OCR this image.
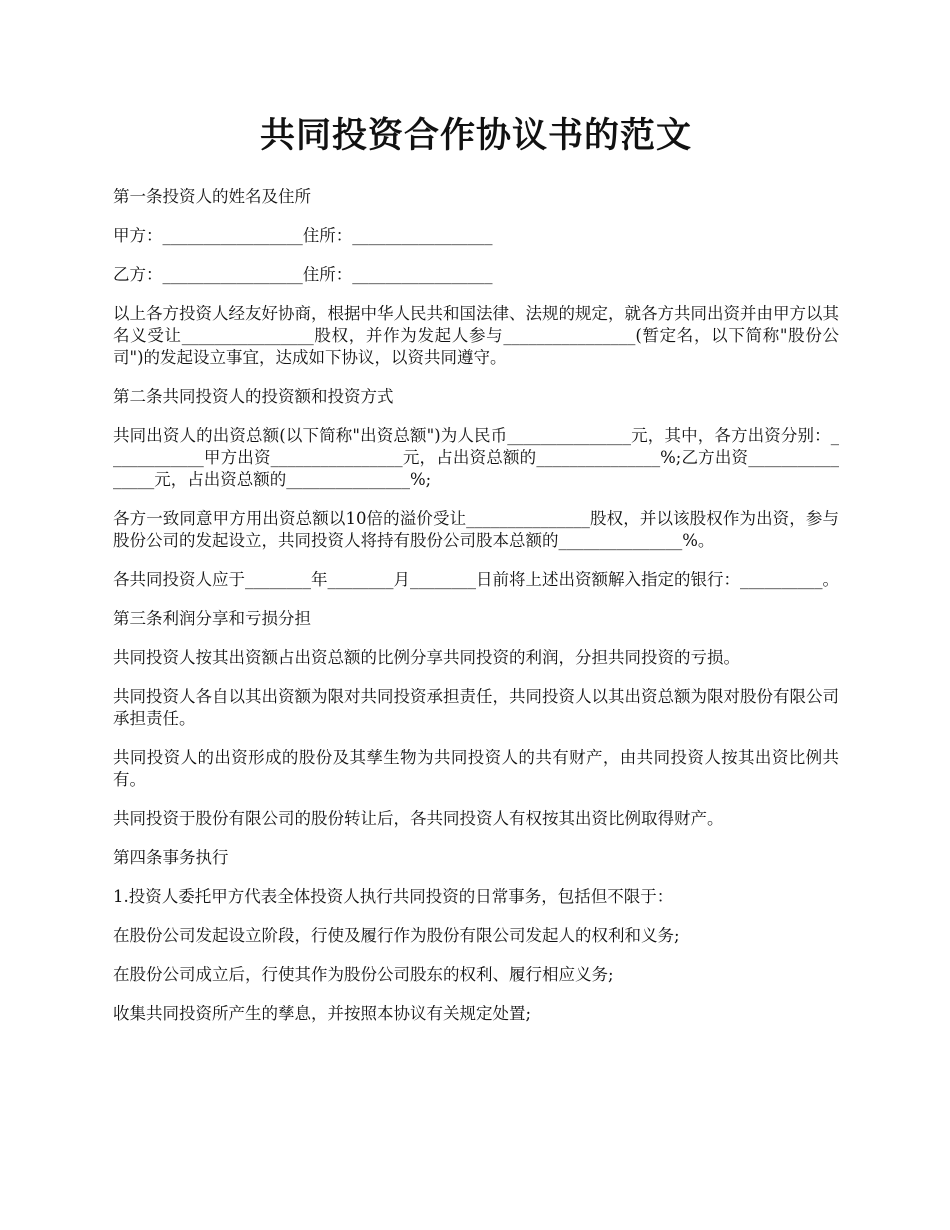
共同投资合作协议书的范文

第一条投资人的姓名及住所

甲方：_________________住所：_________________

乙方：_________________住所：_________________

以上各方投资人经友好协商，根据中华人民共和国法律、法规的规定，就各方共同出资并由甲方以其名义受让________________股权，并作为发起人参与________________(暂定名，以下简称"股份公司")的发起设立事宜，达成如下协议，以资共同遵守。

第二条共同投资人的投资额和投资方式

共同出资人的出资总额(以下简称"出资总额")为人民币_______________元，其中，各方出资分别：____________甲方出资________________元，占出资总额的_______________%;乙方出资________________元，占出资总额的_______________%;

各方一致同意甲方用出资总额以10倍的溢价受让_______________股权，并以该股权作为出资，参与股份公司的发起设立，共同投资人将持有股份公司股本总额的_______________%。

各共同投资人应于________年________月________日前将上述出资额解入指定的银行：__________。

第三条利润分享和亏损分担

共同投资人按其出资额占出资总额的比例分享共同投资的利润，分担共同投资的亏损。

共同投资人各自以其出资额为限对共同投资承担责任，共同投资人以其出资总额为限对股份有限公司承担责任。

共同投资人的出资形成的股份及其孳生物为共同投资人的共有财产，由共同投资人按其出资比例共有。

共同投资于股份有限公司的股份转让后，各共同投资人有权按其出资比例取得财产。

第四条事务执行

1.投资人委托甲方代表全体投资人执行共同投资的日常事务，包括但不限于：

在股份公司发起设立阶段，行使及履行作为股份有限公司发起人的权利和义务;

在股份公司成立后，行使其作为股份公司股东的权利、履行相应义务;

收集共同投资所产生的孳息，并按照本协议有关规定处置;
